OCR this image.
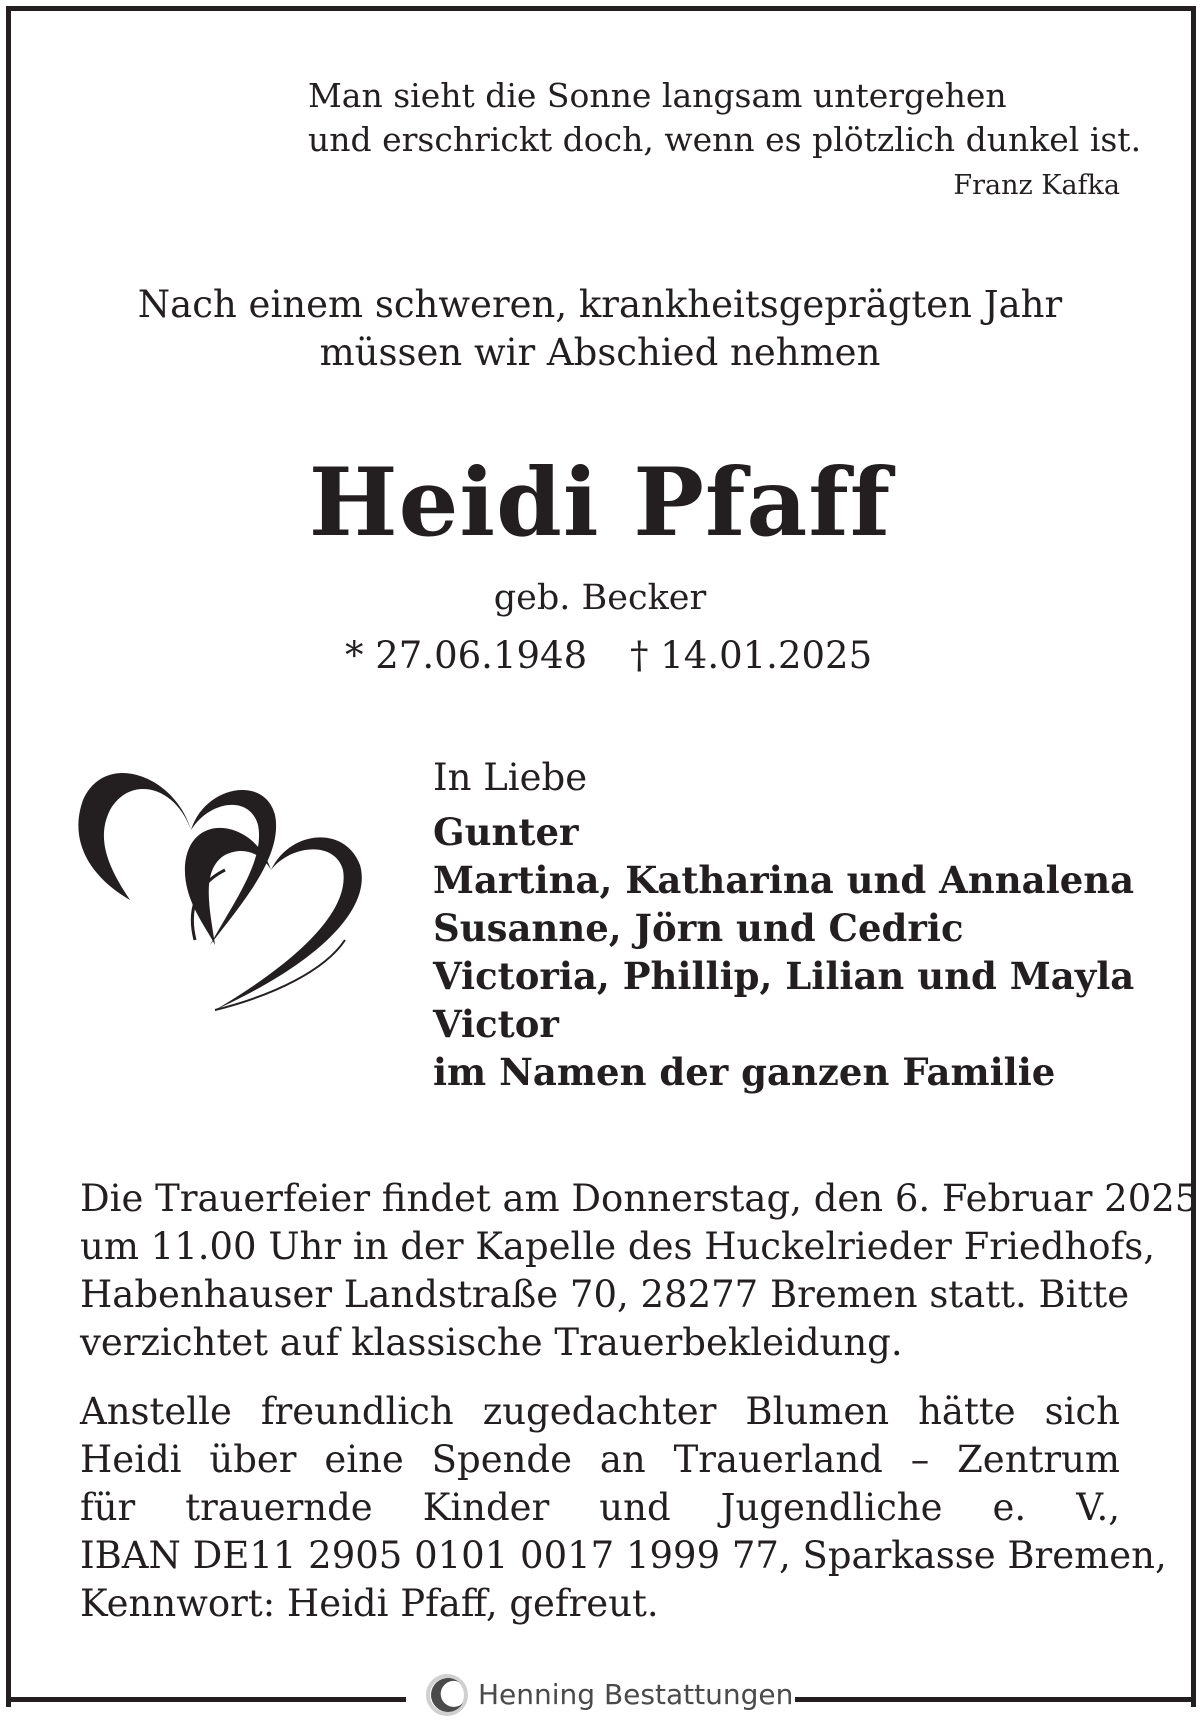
Man sieht die Sonne langsam untergehen
und erschrickt doch, wenn es plötzlich dunkel ist.
Franz Kafka
Nach einem schweren, krankheitsgeprägten Jahr
müssen wir Abschied nehmen
Heidi Pfaff
geb. Becker
* 27.06.1948 † 14.01.2025
In Liebe
Gunter
Martina, Katharina und Annalena
Susanne, Jörn und Cedric
Victoria, Phillip, Lilian und Mayla
Victor
im Namen der ganzen Familie
Die Trauerfeier findet am Donnerstag, den 6. Februar 2025
um 11.00 Uhr in der Kapelle des Huckelrieder Friedhofs,
Habenhauser Landstraße 70, 28277 Bremen statt. Bitte
verzichtet auf klassische Trauerbekleidung.
Anstelle freundlich zugedachter Blumen hätte sich
Heidi über eine Spende an Trauerland – Zentrum
für trauernde Kinder und Jugendliche e. V.,
IBAN DE11 2905 0101 0017 1999 77, Sparkasse Bremen,
Kennwort: Heidi Pfaff, gefreut.
Henning Bestattungen
